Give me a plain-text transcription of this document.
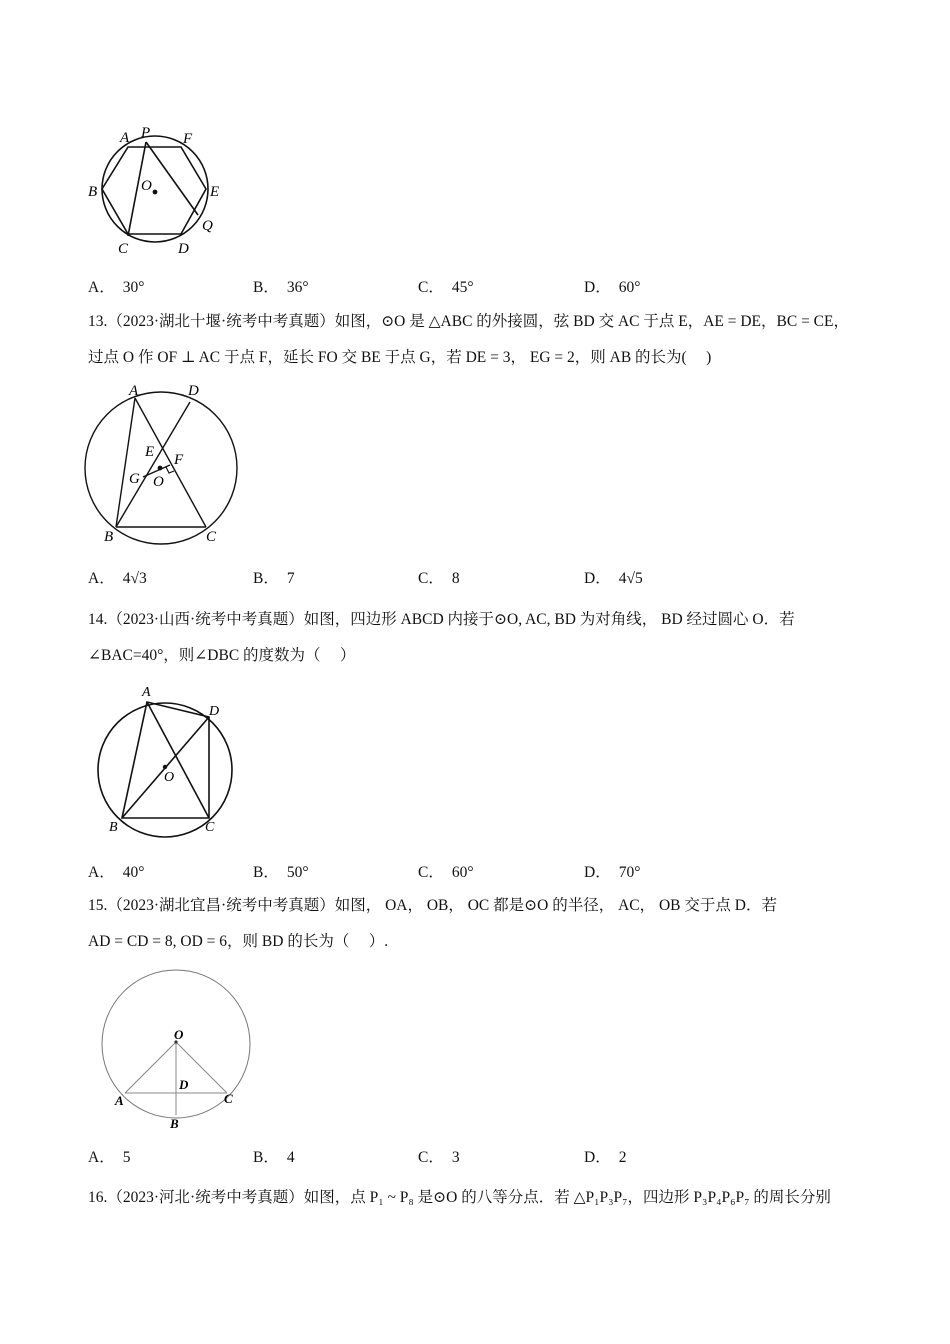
A P F
B	O	E
Q
C	D
A． 30°	B． 36°	C． 45°	D． 60°
13.（2023·湖北十堰·统考中考真题）如图，⊙O 是 △ABC 的外接圆，弦 BD 交 AC 于点 E，AE = DE，BC = CE，
过点 O 作 OF ⊥ AC 于点 F，延长 FO 交 BE 于点 G，若 DE = 3， EG = 2，则 AB 的长为(　 )
A	D
E F
G O
B	C
A． 4√3	B． 7	C． 8	D． 4√5
14.（2023·山西·统考中考真题）如图，四边形 ABCD 内接于⊙O, AC, BD 为对角线， BD 经过圆心 O．若
∠BAC=40°，则∠DBC 的度数为（　 ）
A
D
O
B	C
A． 40°	B． 50°	C． 60°	D． 70°
15.（2023·湖北宜昌·统考中考真题）如图， OA， OB， OC 都是⊙O 的半径， AC， OB 交于点 D．若
AD = CD = 8, OD = 6，则 BD 的长为（　 ）.
O
D
A	C
B
A． 5	B． 4	C． 3	D． 2
16.（2023·河北·统考中考真题）如图，点 P₁ ~ P₈ 是⊙O 的八等分点．若 △P₁P₃P₇，四边形 P₃P₄P₆P₇ 的周长分别
